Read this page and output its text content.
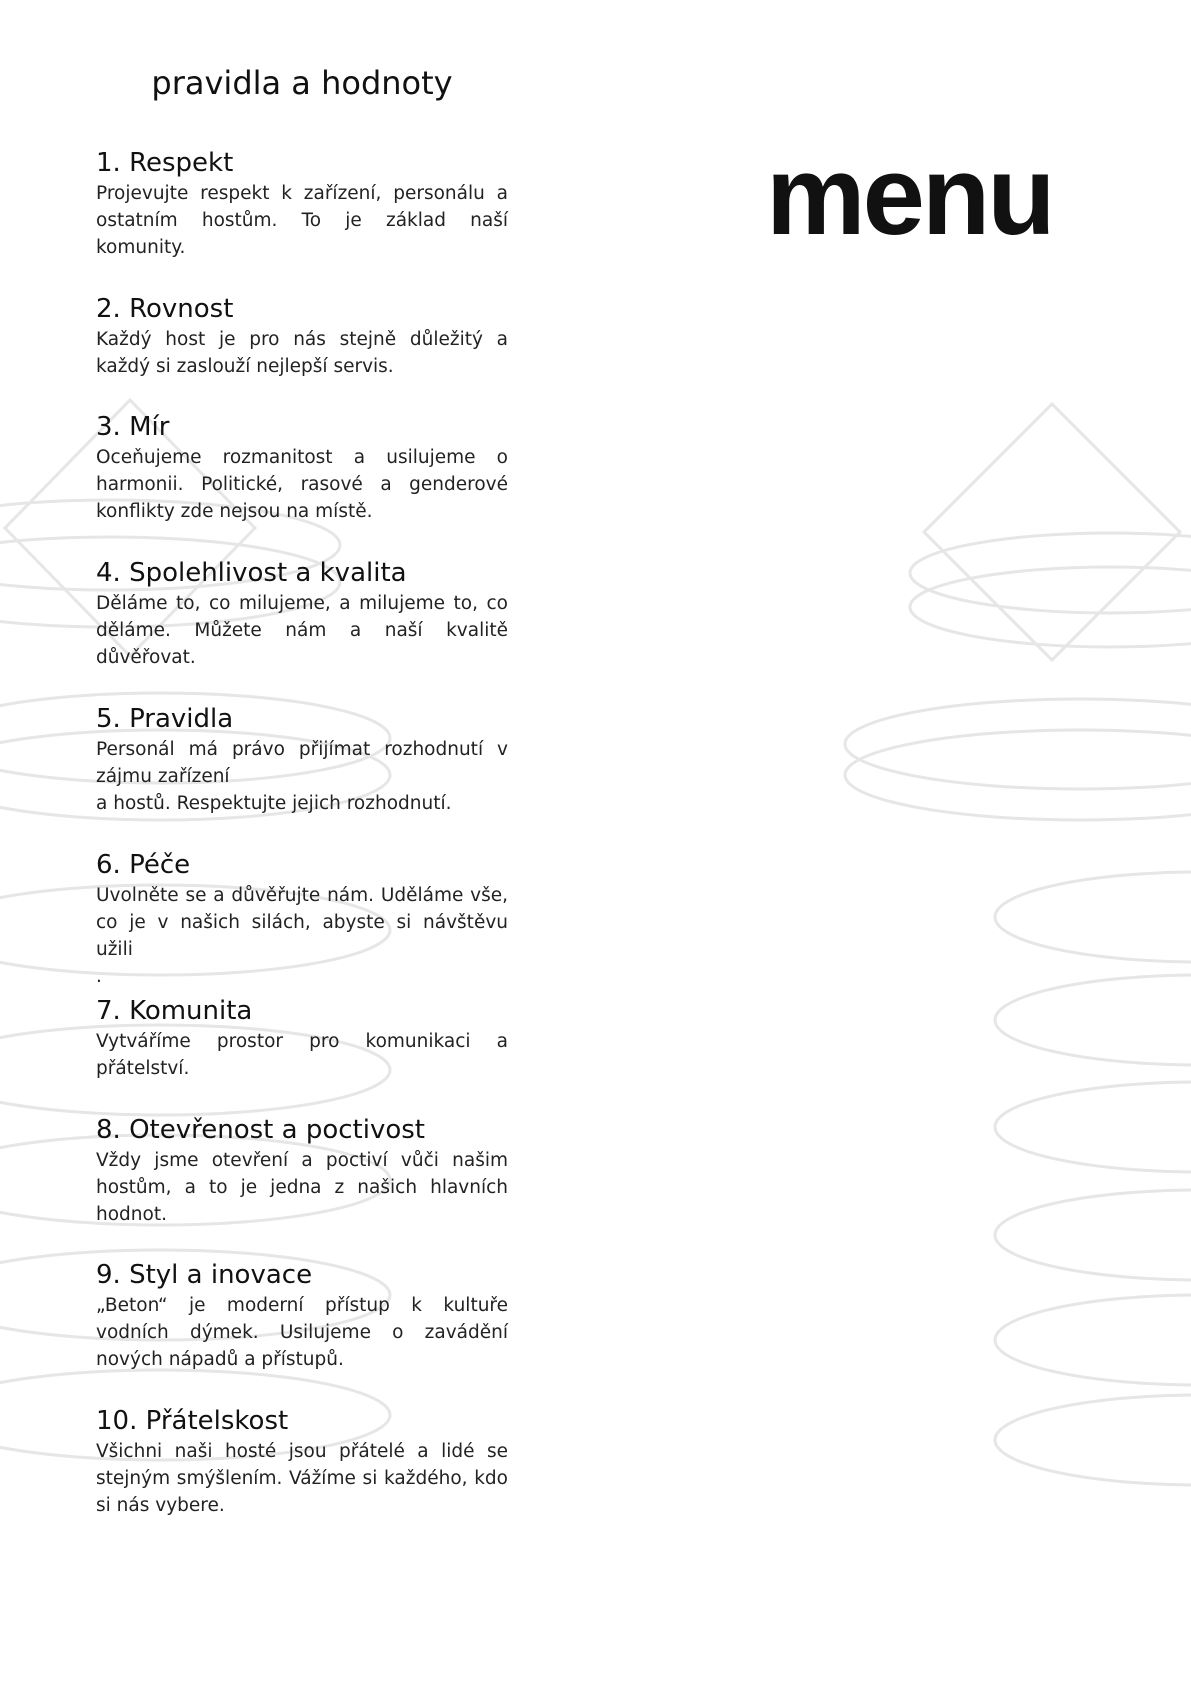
pravidla a hodnoty
menu
1. Respekt

Projevujte respekt k zařízení, personálu a ostatním hostům. To je základ naší komunity.

2. Rovnost

Každý host je pro nás stejně důležitý a každý si zaslouží nejlepší servis.

3. Mír

Oceňujeme rozmanitost a usilujeme o harmonii. Politické, rasové a genderové konflikty zde nejsou na místě.

4. Spolehlivost a kvalita

Děláme to, co milujeme, a milujeme to, co děláme. Můžete nám a naší kvalitě důvěřovat.

5. Pravidla

Personál má právo přijímat rozhodnutí v zájmu zařízení
a hostů. Respektujte jejich rozhodnutí.

6. Péče

Uvolněte se a důvěřujte nám. Uděláme vše, co je v našich silách, abyste si návštěvu užili
.

7. Komunita

Vytváříme prostor pro komunikaci a přátelství.

8. Otevřenost a poctivost

Vždy jsme otevření a poctiví vůči našim hostům, a to je jedna z našich hlavních hodnot.

9. Styl a inovace

„Beton“ je moderní přístup k kultuře vodních dýmek. Usilujeme o zavádění nových nápadů a přístupů.

10. Přátelskost

Všichni naši hosté jsou přátelé a lidé se stejným smýšlením. Vážíme si každého, kdo si nás vybere.
